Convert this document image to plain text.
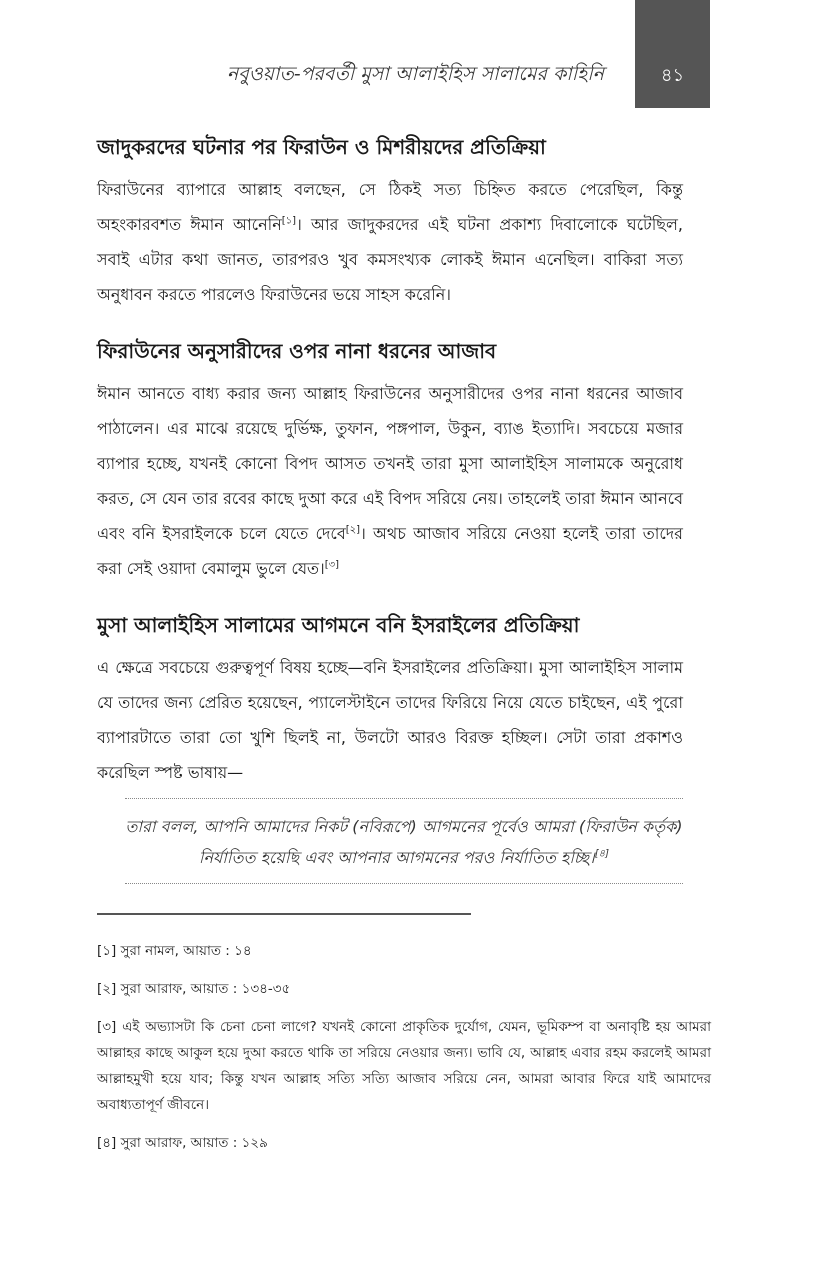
নবুওয়াত-পরবর্তী মুসা আলাইহিস সালামের কাহিনি	৪১
জাদুকরদের ঘটনার পর ফিরাউন ও মিশরীয়দের প্রতিক্রিয়া

ফিরাউনের ব্যাপারে আল্লাহ বলছেন, সে ঠিকই সত্য চিহ্নিত করতে পেরেছিল, কিন্তু অহংকারবশত ঈমান আনেনি[১]। আর জাদুকরদের এই ঘটনা প্রকাশ্য দিবালোকে ঘটেছিল, সবাই এটার কথা জানত, তারপরও খুব কমসংখ্যক লোকই ঈমান এনেছিল। বাকিরা সত্য অনুধাবন করতে পারলেও ফিরাউনের ভয়ে সাহস করেনি।

ফিরাউনের অনুসারীদের ওপর নানা ধরনের আজাব

ঈমান আনতে বাধ্য করার জন্য আল্লাহ ফিরাউনের অনুসারীদের ওপর নানা ধরনের আজাব পাঠালেন। এর মাঝে রয়েছে দুর্ভিক্ষ, তুফান, পঙ্গপাল, উকুন, ব্যাঙ ইত্যাদি। সবচেয়ে মজার ব্যাপার হচ্ছে, যখনই কোনো বিপদ আসত তখনই তারা মুসা আলাইহিস সালামকে অনুরোধ করত, সে যেন তার রবের কাছে দুআ করে এই বিপদ সরিয়ে নেয়। তাহলেই তারা ঈমান আনবে এবং বনি ইসরাইলকে চলে যেতে দেবে[২]। অথচ আজাব সরিয়ে নেওয়া হলেই তারা তাদের করা সেই ওয়াদা বেমালুম ভুলে যেত।[৩]

মুসা আলাইহিস সালামের আগমনে বনি ইসরাইলের প্রতিক্রিয়া

এ ক্ষেত্রে সবচেয়ে গুরুত্বপূর্ণ বিষয় হচ্ছে—বনি ইসরাইলের প্রতিক্রিয়া। মুসা আলাইহিস সালাম যে তাদের জন্য প্রেরিত হয়েছেন, প্যালেস্টাইনে তাদের ফিরিয়ে নিয়ে যেতে চাইছেন, এই পুরো ব্যাপারটাতে তারা তো খুশি ছিলই না, উলটো আরও বিরক্ত হচ্ছিল। সেটা তারা প্রকাশও করেছিল স্পষ্ট ভাষায়—

তারা বলল, আপনি আমাদের নিকট (নবিরূপে) আগমনের পূর্বেও আমরা (ফিরাউন কর্তৃক) নির্যাতিত হয়েছি এবং আপনার আগমনের পরও নির্যাতিত হচ্ছি।[৪]

[১] সুরা নামল, আয়াত : ১৪

[২] সুরা আরাফ, আয়াত : ১৩৪-৩৫

[৩] এই অভ্যাসটা কি চেনা চেনা লাগে? যখনই কোনো প্রাকৃতিক দুর্যোগ, যেমন, ভূমিকম্প বা অনাবৃষ্টি হয় আমরা আল্লাহর কাছে আকুল হয়ে দুআ করতে থাকি তা সরিয়ে নেওয়ার জন্য। ভাবি যে, আল্লাহ এবার রহম করলেই আমরা আল্লাহমুখী হয়ে যাব; কিন্তু যখন আল্লাহ সত্যি সত্যি আজাব সরিয়ে নেন, আমরা আবার ফিরে যাই আমাদের অবাধ্যতাপূর্ণ জীবনে।

[৪] সুরা আরাফ, আয়াত : ১২৯
